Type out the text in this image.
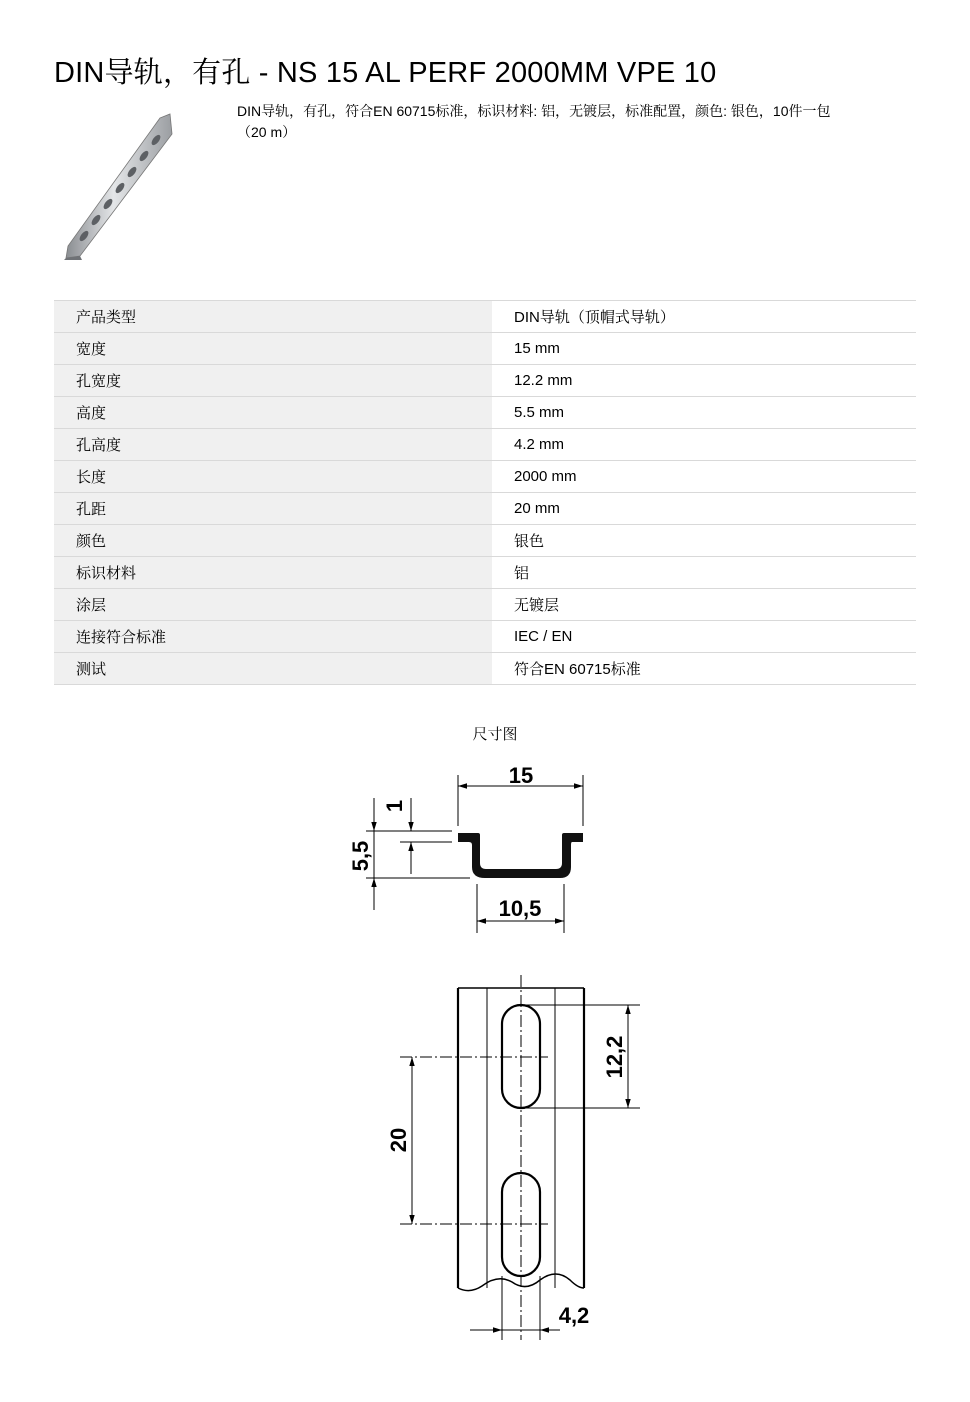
DIN导轨，有孔 - NS 15 AL PERF 2000MM VPE 10
DIN导轨，有孔，符合EN 60715标准，标识材料: 铝，无镀层，标准配置，颜色: 银色，10件一包
（20 m）
产品类型	DIN导轨（顶帽式导轨）
宽度	15 mm
孔宽度	12.2 mm
高度	5.5 mm
孔高度	4.2 mm
长度	2000 mm
孔距	20 mm
颜色	银色
标识材料	铝
涂层	无镀层
连接符合标准	IEC / EN
测试	符合EN 60715标准
尺寸图
15
1
5,5
10,5
12,2
20
4,2
